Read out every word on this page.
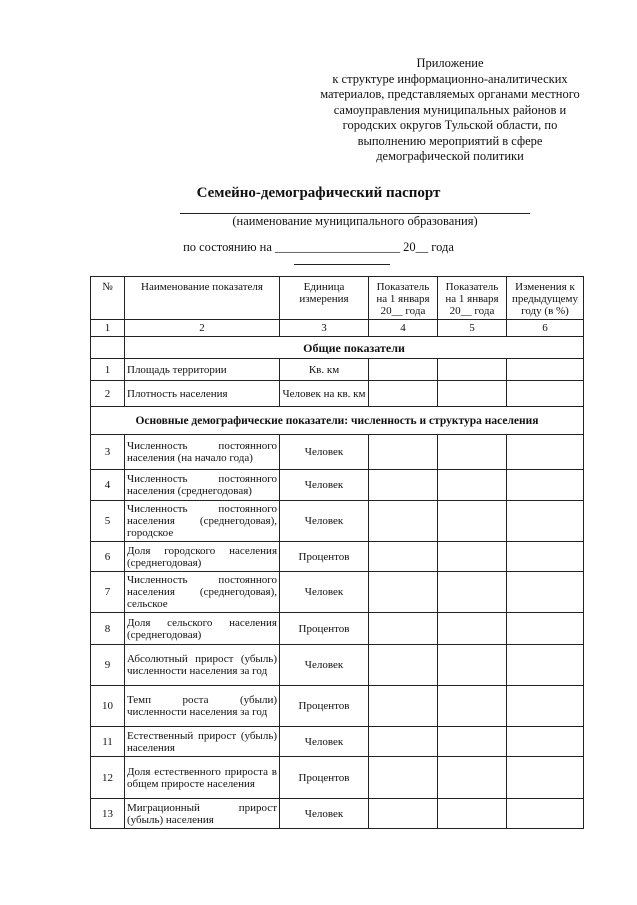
Приложение
к структуре информационно-аналитических
материалов, представляемых органами местного
самоуправления муниципальных районов и
городских округов Тульской области, по
выполнению мероприятий в сфере
демографической политики
Семейно-демографический паспорт
(наименование муниципального образования)
по состоянию на ____________________ 20__ года
№	Наименование показателя	Единица измерения	Показатель на 1 января 20__ года	Показатель на 1 января 20__ года	Изменения к предыдущему году (в %)
1	2	3	4	5	6
	Общие показатели				
1	Площадь территории	Кв. км			
2	Плотность населения	Человек на кв. км			
Основные демографические показатели: численность и структура населения					
3	Численность постоянного населения (на начало года)	Человек			
4	Численность постоянного населения (среднегодовая)	Человек			
5	Численность постоянного населения (среднегодовая), городское	Человек			
6	Доля городского населения (среднегодовая)	Процентов			
7	Численность постоянного населения (среднегодовая), сельское	Человек			
8	Доля сельского населения (среднегодовая)	Процентов			
9	Абсолютный прирост (убыль) численности населения за год	Человек			
10	Темп роста (убыли) численности населения за год	Процентов			
11	Естественный прирост (убыль) населения	Человек			
12	Доля естественного прироста в общем приросте населения	Процентов			
13	Миграционный прирост (убыль) населения	Человек			
